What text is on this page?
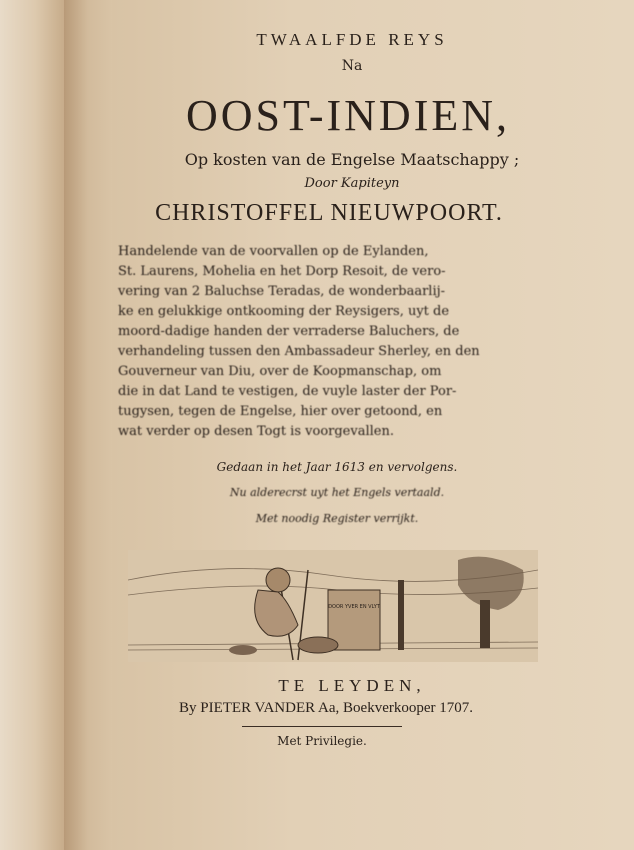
TWAALFDE REYS
Na
OOST-INDIEN,
Op kosten van de Engelse Maatschappy ;
Door Kapiteyn
CHRISTOFFEL NIEUWPOORT.
Handelende van de voorvallen op de Eylanden,
St. Laurens, Mohelia en het Dorp Resoit, de vero-
vering van 2 Baluchse Teradas, de wonderbaarlij-
ke en gelukkige ontkooming der Reysigers, uyt de
moord-dadige handen der verraderse Baluchers, de
verhandeling tussen den Ambassadeur Sherley, en den
Gouverneur van Diu, over de Koopmanschap, om
die in dat Land te vestigen, de vuyle laster der Por-
tugysen, tegen de Engelse, hier over getoond, en
wat verder op desen Togt is voorgevallen.
Gedaan in het Jaar 1613 en vervolgens.
Nu alderecrst uyt het Engels vertaald.
Met noodig Register verrijkt.
DOOR YVER EN VLYT
TE LEYDEN,
By PIETER VANDER Aa, Boekverkooper 1707.
Met Privilegie.
